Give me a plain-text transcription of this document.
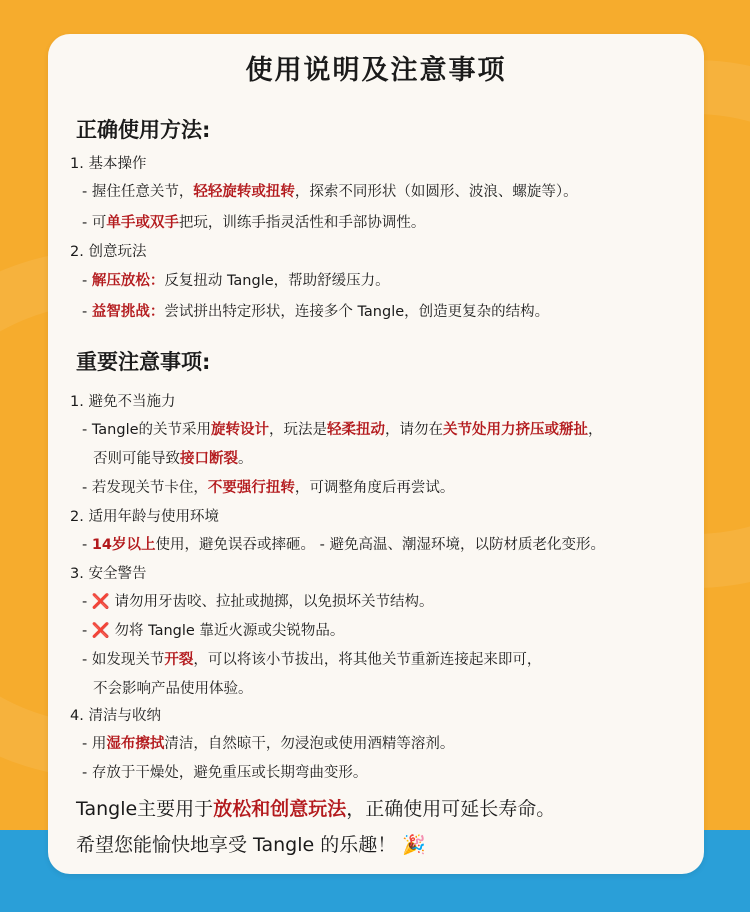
使用说明及注意事项
正确使用方法:
1. 基本操作
- 握住任意关节，轻轻旋转或扭转，探索不同形状（如圆形、波浪、螺旋等）。
- 可单手或双手把玩，训练手指灵活性和手部协调性。
2. 创意玩法
- 解压放松：反复扭动 Tangle，帮助舒缓压力。
- 益智挑战：尝试拼出特定形状，连接多个 Tangle，创造更复杂的结构。
重要注意事项:
1. 避免不当施力
- Tangle的关节采用旋转设计，玩法是轻柔扭动，请勿在关节处用力挤压或掰扯，
否则可能导致接口断裂。
- 若发现关节卡住，不要强行扭转，可调整角度后再尝试。
2. 适用年龄与使用环境
- 14岁以上使用，避免误吞或摔砸。 - 避免高温、潮湿环境，以防材质老化变形。
3. 安全警告
- ❌ 请勿用牙齿咬、拉扯或抛掷，以免损坏关节结构。
- ❌ 勿将 Tangle 靠近火源或尖锐物品。
- 如发现关节开裂，可以将该小节拔出，将其他关节重新连接起来即可，
不会影响产品使用体验。
4. 清洁与收纳
- 用湿布擦拭清洁，自然晾干，勿浸泡或使用酒精等溶剂。
- 存放于干燥处，避免重压或长期弯曲变形。
Tangle主要用于放松和创意玩法，正确使用可延长寿命。
希望您能愉快地享受 Tangle 的乐趣！ 🎉
